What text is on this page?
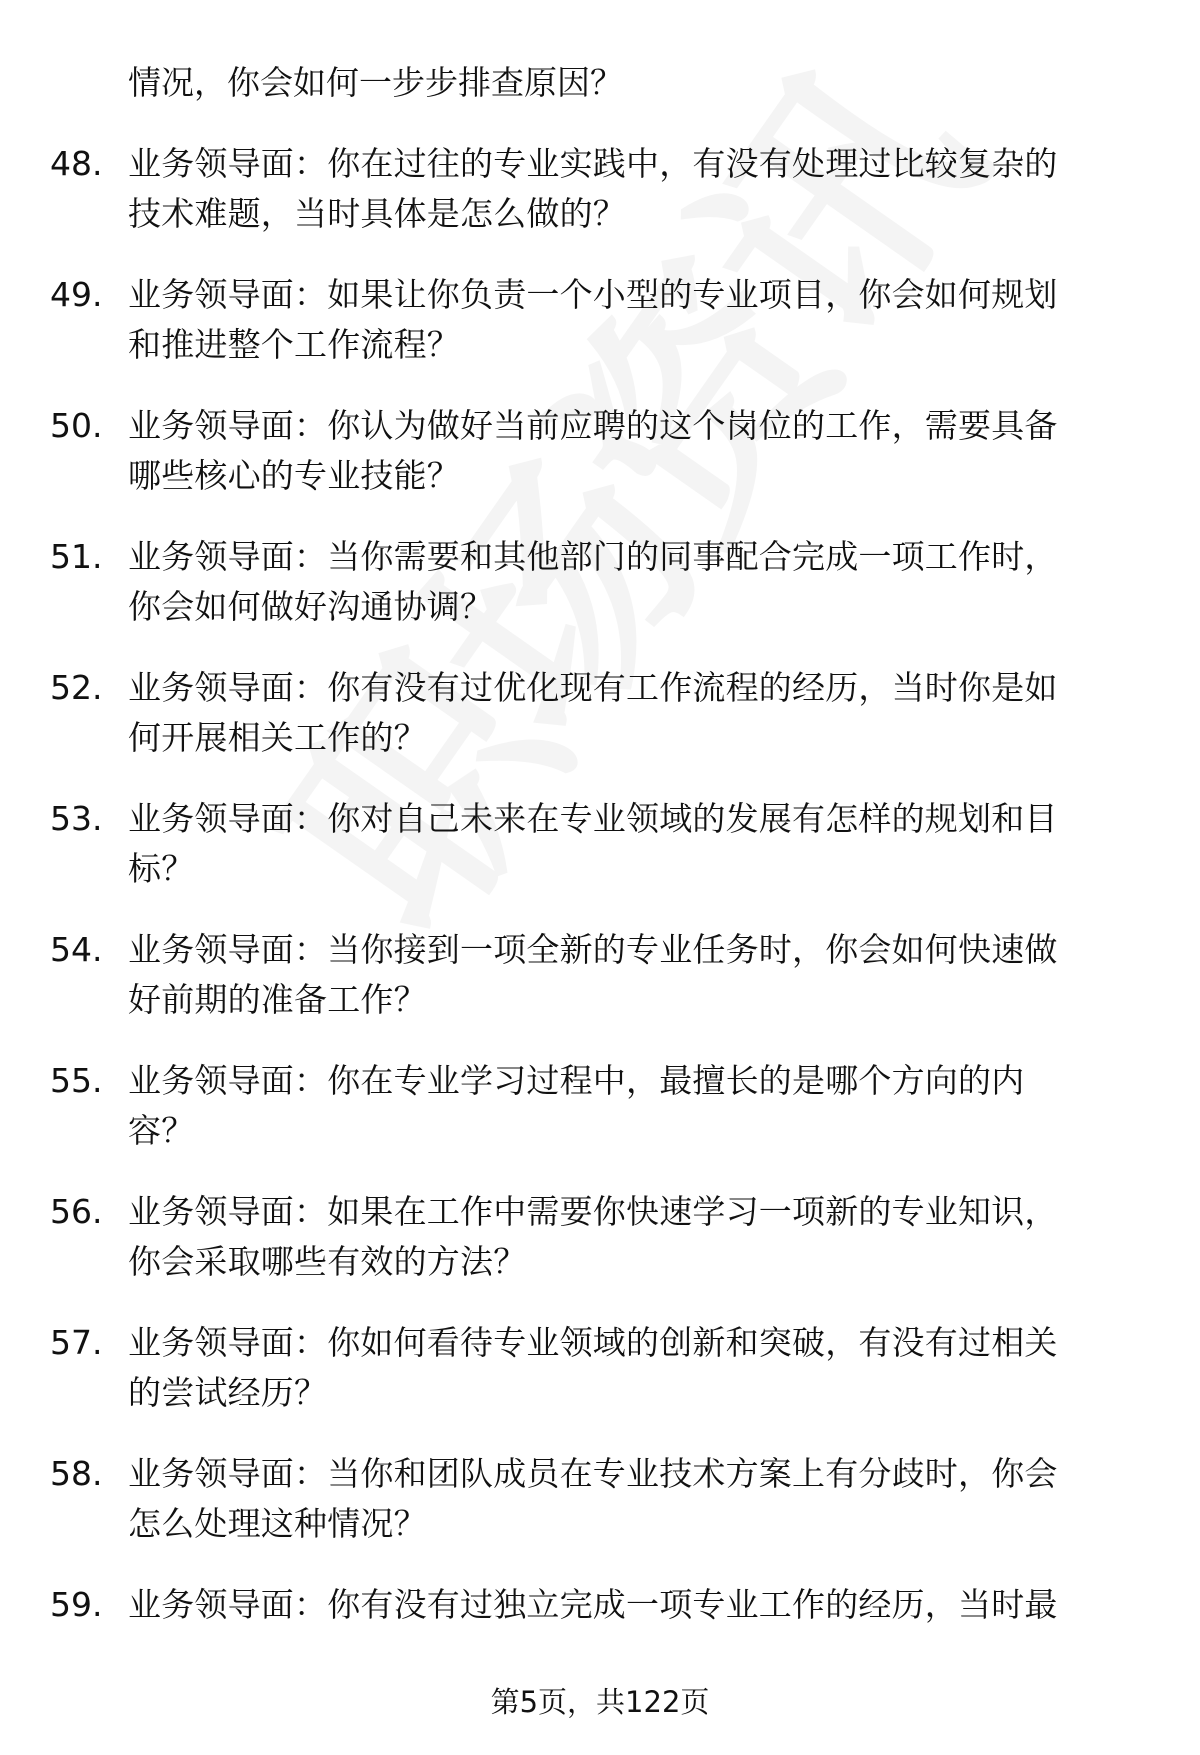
情况，你会如何一步步排查原因？
48. 业务领导面：你在过往的专业实践中，有没有处理过比较复杂的
技术难题，当时具体是怎么做的？
49. 业务领导面：如果让你负责一个小型的专业项目，你会如何规划
和推进整个工作流程？
50. 业务领导面：你认为做好当前应聘的这个岗位的工作，需要具备
哪些核心的专业技能？
51. 业务领导面：当你需要和其他部门的同事配合完成一项工作时，
你会如何做好沟通协调？
52. 业务领导面：你有没有过优化现有工作流程的经历，当时你是如
何开展相关工作的？
53. 业务领导面：你对自己未来在专业领域的发展有怎样的规划和目
标？
54. 业务领导面：当你接到一项全新的专业任务时，你会如何快速做
好前期的准备工作？
55. 业务领导面：你在专业学习过程中，最擅长的是哪个方向的内
容？
56. 业务领导面：如果在工作中需要你快速学习一项新的专业知识，
你会采取哪些有效的方法？
57. 业务领导面：你如何看待专业领域的创新和突破，有没有过相关
的尝试经历？
58. 业务领导面：当你和团队成员在专业技术方案上有分歧时，你会
怎么处理这种情况？
59. 业务领导面：你有没有过独立完成一项专业工作的经历，当时最
第5页，共122页
